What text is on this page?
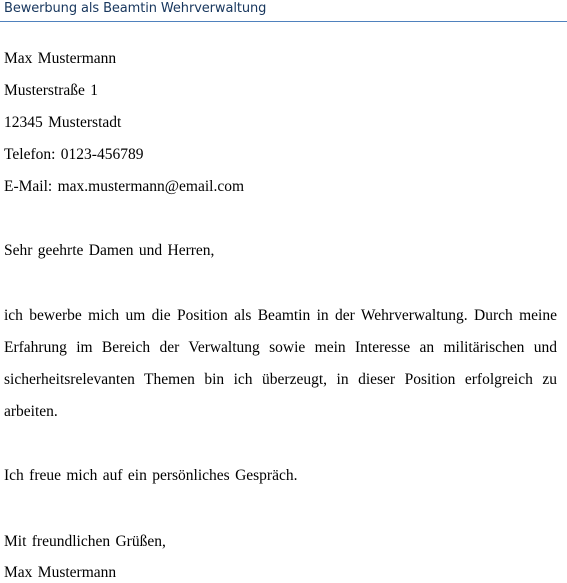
Bewerbung als Beamtin Wehrverwaltung
Max Mustermann
Musterstraße 1
12345 Musterstadt
Telefon: 0123-456789
E-Mail: max.mustermann@email.com
Sehr geehrte Damen und Herren,
ich bewerbe mich um die Position als Beamtin in der Wehrverwaltung. Durch meine
Erfahrung im Bereich der Verwaltung sowie mein Interesse an militärischen und
sicherheitsrelevanten Themen bin ich überzeugt, in dieser Position erfolgreich zu
arbeiten.
Ich freue mich auf ein persönliches Gespräch.
Mit freundlichen Grüßen,
Max Mustermann
